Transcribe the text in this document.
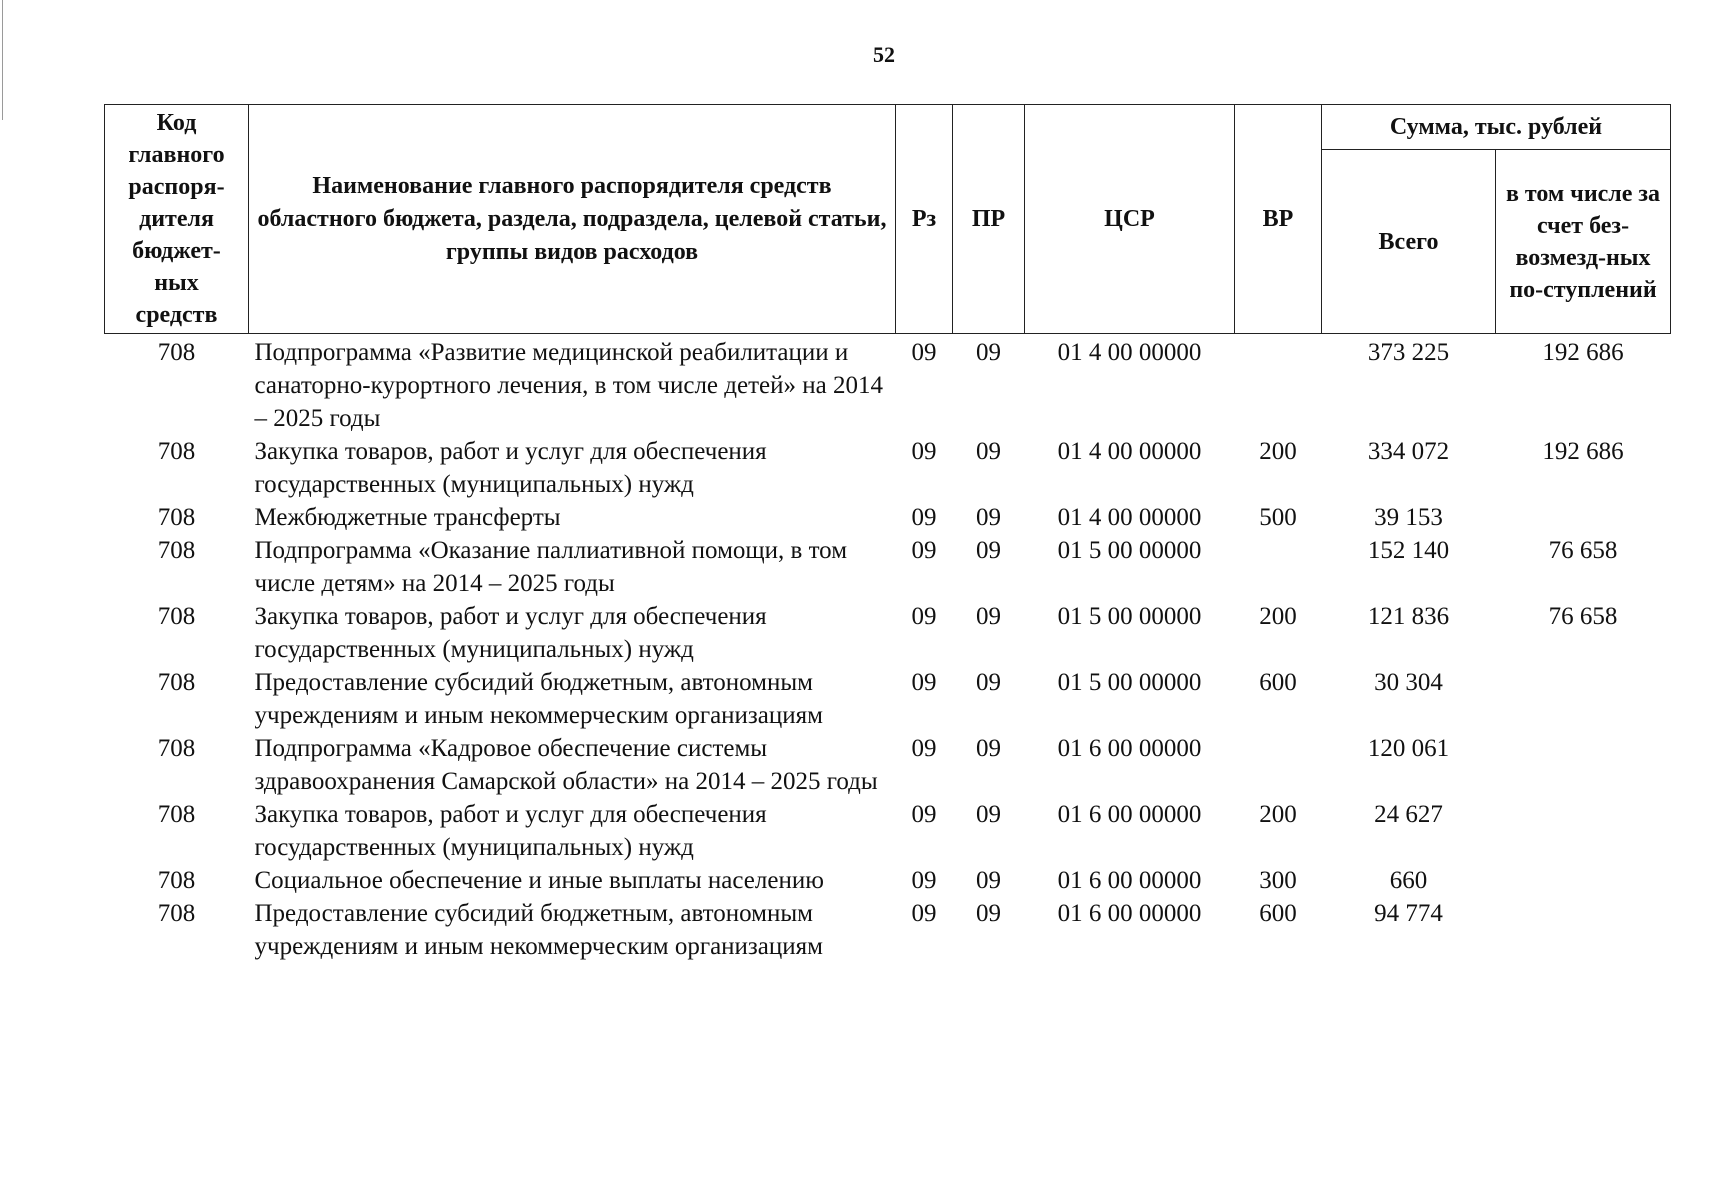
52
Код главного распоря-дителя бюджет-ных средств	Наименование главного распорядителя средств областного бюджета, раздела, подраздела, целевой статьи, группы видов расходов	Рз	ПР	ЦСР	ВР	Сумма, тыс. рублей	
						Всего	в том числе за счет без-возмезд-ных по-ступлений
708	Подпрограмма «Развитие медицинской реабилитации и санаторно-курортного лечения, в том числе детей» на 2014 – 2025 годы	09	09	01 4 00 00000		373 225	192 686
708	Закупка товаров, работ и услуг для обеспечения государственных (муниципальных) нужд	09	09	01 4 00 00000	200	334 072	192 686
708	Межбюджетные трансферты	09	09	01 4 00 00000	500	39 153	
708	Подпрограмма «Оказание паллиативной помощи, в том числе детям» на 2014 – 2025 годы	09	09	01 5 00 00000		152 140	76 658
708	Закупка товаров, работ и услуг для обеспечения государственных (муниципальных) нужд	09	09	01 5 00 00000	200	121 836	76 658
708	Предоставление субсидий бюджетным, автономным учреждениям и иным некоммерческим организациям	09	09	01 5 00 00000	600	30 304	
708	Подпрограмма «Кадровое обеспечение системы здравоохранения Самарской области» на 2014 – 2025 годы	09	09	01 6 00 00000		120 061	
708	Закупка товаров, работ и услуг для обеспечения государственных (муниципальных) нужд	09	09	01 6 00 00000	200	24 627	
708	Социальное обеспечение и иные выплаты населению	09	09	01 6 00 00000	300	660	
708	Предоставление субсидий бюджетным, автономным учреждениям и иным некоммерческим организациям	09	09	01 6 00 00000	600	94 774	
